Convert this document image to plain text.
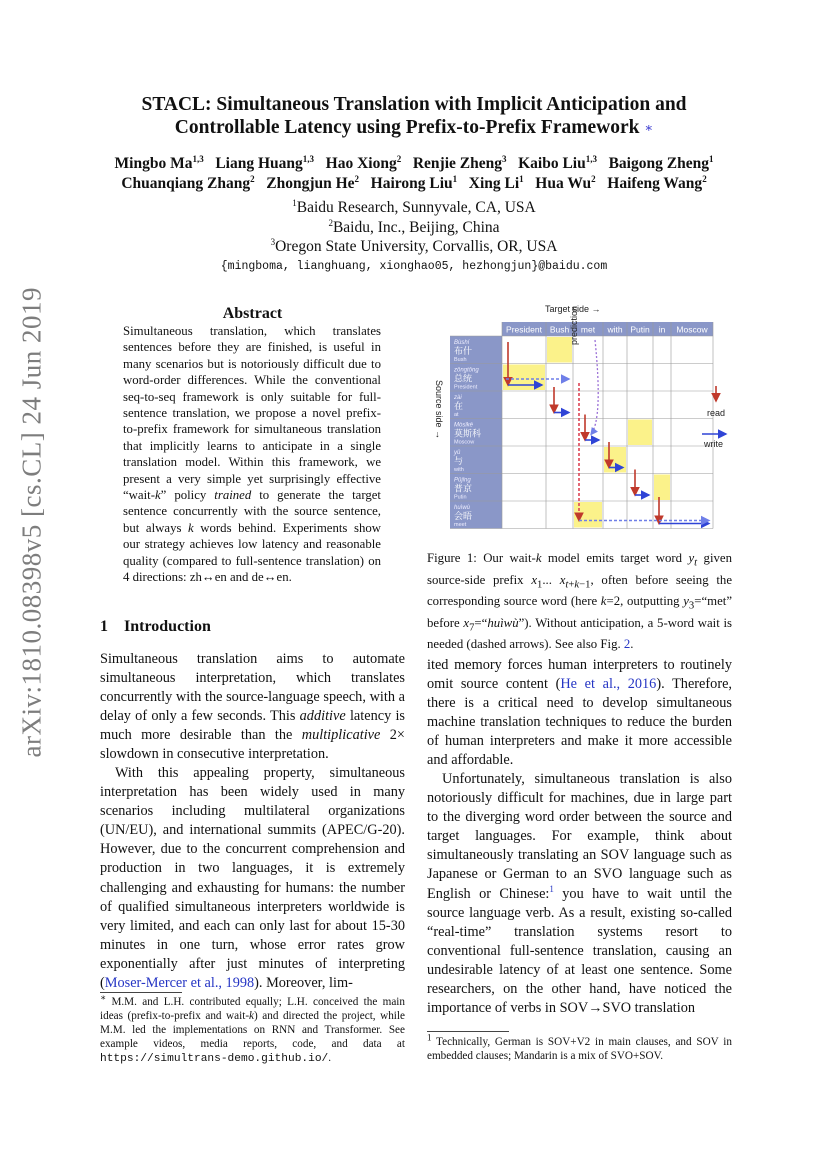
arXiv:1810.08398v5 [cs.CL] 24 Jun 2019
STACL: Simultaneous Translation with Implicit Anticipation and
Controllable Latency using Prefix-to-Prefix Framework ∗
Mingbo Ma$^{1,3}$ Liang Huang$^{1,3}$ Hao Xiong$^2$ Renjie Zheng$^3$ Kaibo Liu$^{1,3}$ Baigong Zheng$^1$
Chuanqiang Zhang$^2$ Zhongjun He$^2$ Hairong Liu$^1$ Xing Li$^1$ Hua Wu$^2$ Haifeng Wang$^2$
$^1$Baidu Research, Sunnyvale, CA, USA
$^2$Baidu, Inc., Beijing, China
$^3$Oregon State University, Corvallis, OR, USA
{mingboma, lianghuang, xionghao05, hezhongjun}@baidu.com
Abstract
Simultaneous translation, which translates sentences before they are finished, is useful in many scenarios but is notoriously difficult due to word-order differences. While the conventional seq-to-seq framework is only suitable for full-sentence translation, we propose a novel prefix-to-prefix framework for simultaneous translation that implicitly learns to anticipate in a single translation model. Within this framework, we present a very simple yet surprisingly effective “wait-k” policy trained to generate the target sentence concurrently with the source sentence, but always k words behind. Experiments show our strategy achieves low latency and reasonable quality (compared to full-sentence translation) on 4 directions: zh↔en and de↔en.
1 Introduction
Simultaneous translation aims to automate simultaneous interpretation, which translates concurrently with the source-language speech, with a delay of only a few seconds. This additive latency is much more desirable than the multiplicative 2× slowdown in consecutive interpretation.
With this appealing property, simultaneous interpretation has been widely used in many scenarios including multilateral organizations (UN/EU), and international summits (APEC/G-20). However, due to the concurrent comprehension and production in two languages, it is extremely challenging and exhausting for humans: the number of qualified simultaneous interpreters worldwide is very limited, and each can only last for about 15-30 minutes in one turn, whose error rates grow exponentially after just minutes of interpreting (Moser-Mercer et al., 1998). Moreover, lim-
∗ M.M. and L.H. contributed equally; L.H. conceived the main ideas (prefix-to-prefix and wait-k) and directed the project, while M.M. led the implementations on RNN and Transformer. See example videos, media reports, code, and data at https://simultrans-demo.github.io/.
Target side →
Source side →
President Bush met with Putin in Moscow
Bùshí
布什
Bush
zǒngtǒng
总统
President
zài
在
at
Mòsīkē
莫斯科
Moscow
yǔ
与
with
Pǔjīng
普京
Putin
huìwù
会晤
meet
prediction
read
write
Figure 1: Our wait-k model emits target word $y_t$ given source-side prefix $x_1$... $x_{t+k-1}$, often before seeing the corresponding source word (here k=2, outputting $y_3=“met$” before $x_7=“huìwù$”). Without anticipation, a 5-word wait is needed (dashed arrows). See also Fig. 2.
ited memory forces human interpreters to routinely omit source content (He et al., 2016). Therefore, there is a critical need to develop simultaneous machine translation techniques to reduce the burden of human interpreters and make it more accessible and affordable.
Unfortunately, simultaneous translation is also notoriously difficult for machines, due in large part to the diverging word order between the source and target languages. For example, think about simultaneously translating an SOV language such as Japanese or German to an SVO language such as English or Chinese:$^1$ you have to wait until the source language verb. As a result, existing so-called “real-time” translation systems resort to conventional full-sentence translation, causing an undesirable latency of at least one sentence. Some researchers, on the other hand, have noticed the importance of verbs in SOV→SVO translation
$^1$ Technically, German is SOV+V2 in main clauses, and SOV in embedded clauses; Mandarin is a mix of SVO+SOV.
